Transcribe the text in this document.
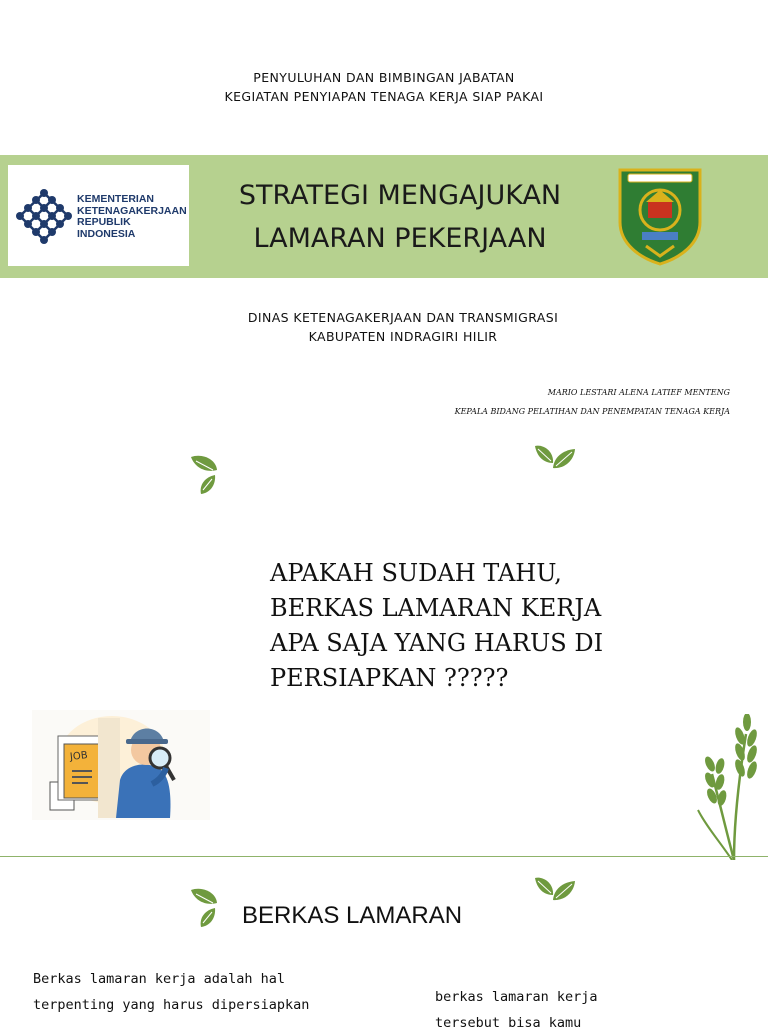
PENYULUHAN DAN BIMBINGAN JABATAN
KEGIATAN PENYIAPAN TENAGA KERJA SIAP PAKAI
KEMENTERIAN
KETENAGAKERJAAN
REPUBLIK
INDONESIA
STRATEGI MENGAJUKAN
LAMARAN PEKERJAAN
DINAS KETENAGAKERJAAN DAN TRANSMIGRASI
KABUPATEN INDRAGIRI HILIR
MARIO LESTARI ALENA LATIEF MENTENG
KEPALA BIDANG PELATIHAN DAN PENEMPATAN TENAGA KERJA
APAKAH SUDAH TAHU,
BERKAS LAMARAN KERJA
APA SAJA YANG HARUS DI
PERSIAPKAN ?????
JOB
BERKAS LAMARAN
Berkas lamaran kerja adalah hal
terpenting yang harus dipersiapkan	berkas lamaran kerja
tersebut bisa kamu
